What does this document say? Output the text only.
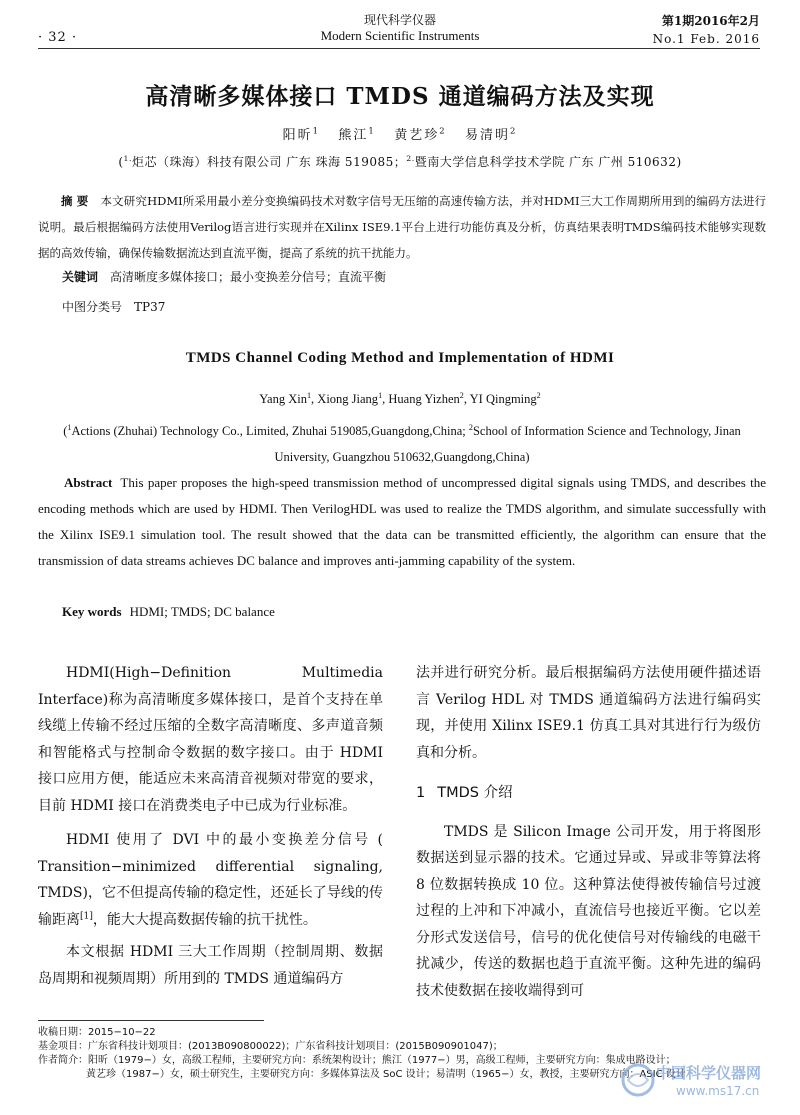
· 32 ·
现代科学仪器
Modern Scientific Instruments
第1期2016年2月
No.1 Feb. 2016
高清晰多媒体接口 TMDS 通道编码方法及实现
阳昕$^1$ 熊江$^1$ 黄艺珍$^2$ 易清明$^2$
($^{1.}$炬芯（珠海）科技有限公司 广东 珠海 519085；$^{2.}$暨南大学信息科学技术学院 广东 广州 510632)
摘 要 本文研究HDMI所采用最小差分变换编码技术对数字信号无压缩的高速传输方法，并对HDMI三大工作周期所用到的编码方法进行说明。最后根据编码方法使用Verilog语言进行实现并在Xilinx ISE9.1平台上进行功能仿真及分析，仿真结果表明TMDS编码技术能够实现数据的高效传输，确保传输数据流达到直流平衡，提高了系统的抗干扰能力。
关键词 高清晰度多媒体接口；最小变换差分信号；直流平衡
中图分类号 TP37
TMDS Channel Coding Method and Implementation of HDMI
Yang Xin$^1$, Xiong Jiang$^1$, Huang Yizhen$^2$, YI Qingming$^2$
($^1$Actions (Zhuhai) Technology Co., Limited, Zhuhai 519085,Guangdong,China; $^2$School of Information Science and Technology, Jinan University, Guangzhou 510632,Guangdong,China)
Abstract This paper proposes the high-speed transmission method of uncompressed digital signals using TMDS, and describes the encoding methods which are used by HDMI. Then VerilogHDL was used to realize the TMDS algorithm, and simulate successfully with the Xilinx ISE9.1 simulation tool. The result showed that the data can be transmitted efficiently, the algorithm can ensure that the transmission of data streams achieves DC balance and improves anti-jamming capability of the system.
Key words HDMI; TMDS; DC balance

HDMI(High−Definition Multimedia Interface)称为高清晰度多媒体接口，是首个支持在单线缆上传输不经过压缩的全数字高清晰度、多声道音频和智能格式与控制命令数据的数字接口。由于 HDMI 接口应用方便，能适应未来高清音视频对带宽的要求，目前 HDMI 接口在消费类电子中已成为行业标准。

HDMI 使用了 DVI 中的最小变换差分信号 ( Transition−minimized differential signaling, TMDS)，它不但提高传输的稳定性，还延长了导线的传输距离[1]，能大大提高数据传输的抗干扰性。

本文根据 HDMI 三大工作周期（控制周期、数据岛周期和视频周期）所用到的 TMDS 通道编码方

法并进行研究分析。最后根据编码方法使用硬件描述语言 Verilog HDL 对 TMDS 通道编码方法进行编码实现，并使用 Xilinx ISE9.1 仿真工具对其进行行为级仿真和分析。

1 TMDS 介绍

TMDS 是 Silicon Image 公司开发，用于将图形数据送到显示器的技术。它通过异或、异或非等算法将 8 位数据转换成 10 位。这种算法使得被传输信号过渡过程的上冲和下冲减小，直流信号也接近平衡。它以差分形式发送信号，信号的优化使信号对传输线的电磁干扰减少，传送的数据也趋于直流平衡。这种先进的编码技术使数据在接收端得到可

收稿日期：2015−10−22
基金项目：广东省科技计划项目：(2013B090800022)；广东省科技计划项目：(2015B090901047)；
作者简介：阳昕（1979−）女，高级工程师，主要研究方向：系统架构设计；熊江（1977−）男，高级工程师，主要研究方向：集成电路设计；
黄艺珍（1987−）女，硕士研究生，主要研究方向：多媒体算法及 SoC 设计；易清明（1965−）女，教授，主要研究方向：ASIC 设计
中国科学仪器网
www.ms17.cn
